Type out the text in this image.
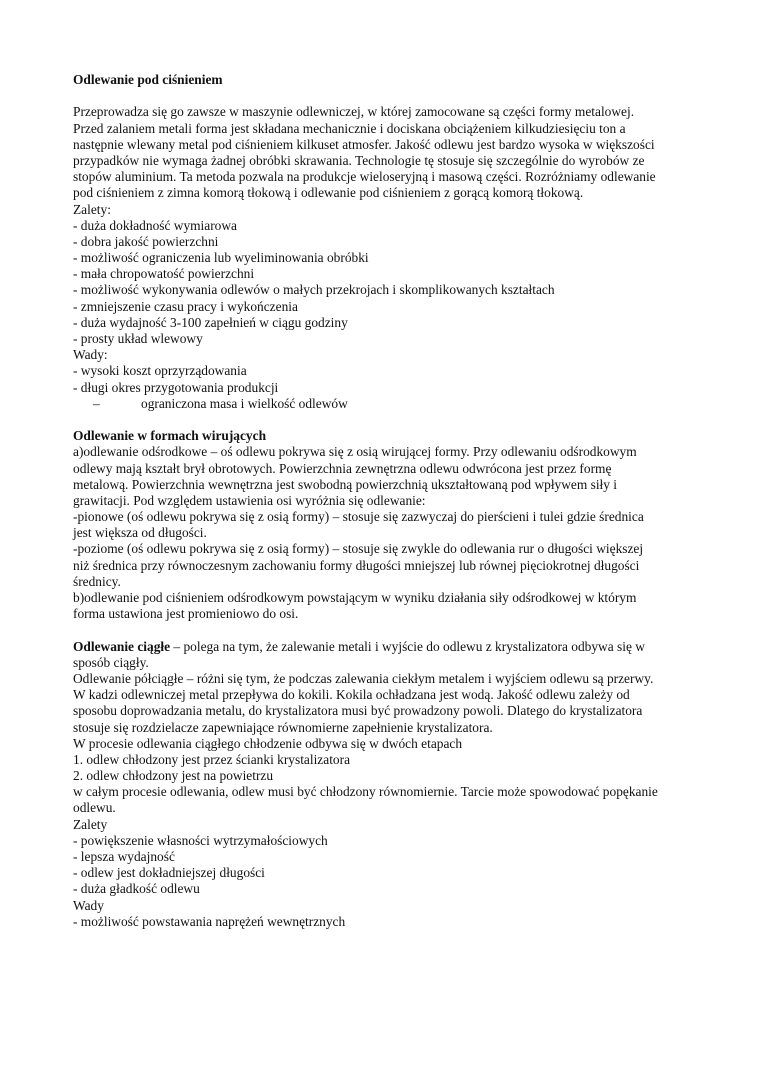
Odlewanie pod ciśnieniem
Przeprowadza się go zawsze w maszynie odlewniczej, w której zamocowane są części formy metalowej.
Przed zalaniem metali forma jest składana mechanicznie i dociskana obciążeniem kilkudziesięciu ton a
następnie wlewany metal pod ciśnieniem kilkuset atmosfer. Jakość odlewu jest bardzo wysoka w większości
przypadków nie wymaga żadnej obróbki skrawania. Technologie tę stosuje się szczególnie do wyrobów ze
stopów aluminium. Ta metoda pozwala na produkcje wieloseryjną i masową części. Rozróżniamy odlewanie
pod ciśnieniem z zimna komorą tłokową i odlewanie pod ciśnieniem z gorącą komorą tłokową.
Zalety:
- duża dokładność wymiarowa
- dobra jakość powierzchni
- możliwość ograniczenia lub wyeliminowania obróbki
- mała chropowatość powierzchni
- możliwość wykonywania odlewów o małych przekrojach i skomplikowanych kształtach
- zmniejszenie czasu pracy i wykończenia
- duża wydajność 3-100 zapełnień w ciągu godziny
- prosty układ wlewowy
Wady:
- wysoki koszt oprzyrządowania
- długi okres przygotowania produkcji
–	ograniczona masa i wielkość odlewów
Odlewanie w formach wirujących
a)odlewanie odśrodkowe – oś odlewu pokrywa się z osią wirującej formy. Przy odlewaniu odśrodkowym
odlewy mają kształt brył obrotowych. Powierzchnia zewnętrzna odlewu odwrócona jest przez formę
metalową. Powierzchnia wewnętrzna jest swobodną powierzchnią ukształtowaną pod wpływem siły i
grawitacji. Pod względem ustawienia osi wyróżnia się odlewanie:
-pionowe (oś odlewu pokrywa się z osią formy) – stosuje się zazwyczaj do pierścieni i tulei gdzie średnica
jest większa od długości.
-poziome (oś odlewu pokrywa się z osią formy) – stosuje się zwykle do odlewania rur o długości większej
niż średnica przy równoczesnym zachowaniu formy długości mniejszej lub równej pięciokrotnej długości
średnicy.
b)odlewanie pod ciśnieniem odśrodkowym powstającym w wyniku działania siły odśrodkowej w którym
forma ustawiona jest promieniowo do osi.
Odlewanie ciągłe – polega na tym, że zalewanie metali i wyjście do odlewu z krystalizatora odbywa się w
sposób ciągły.
Odlewanie półciągłe – różni się tym, że podczas zalewania ciekłym metalem i wyjściem odlewu są przerwy.
W kadzi odlewniczej metal przepływa do kokili. Kokila ochładzana jest wodą. Jakość odlewu zależy od
sposobu doprowadzania metalu, do krystalizatora musi być prowadzony powoli. Dlatego do krystalizatora
stosuje się rozdzielacze zapewniające równomierne zapełnienie krystalizatora.
W procesie odlewania ciągłego chłodzenie odbywa się w dwóch etapach
1. odlew chłodzony jest przez ścianki krystalizatora
2. odlew chłodzony jest na powietrzu
w całym procesie odlewania, odlew musi być chłodzony równomiernie. Tarcie może spowodować popękanie
odlewu.
Zalety
- powiększenie własności wytrzymałościowych
- lepsza wydajność
- odlew jest dokładniejszej długości
- duża gładkość odlewu
Wady
- możliwość powstawania naprężeń wewnętrznych
